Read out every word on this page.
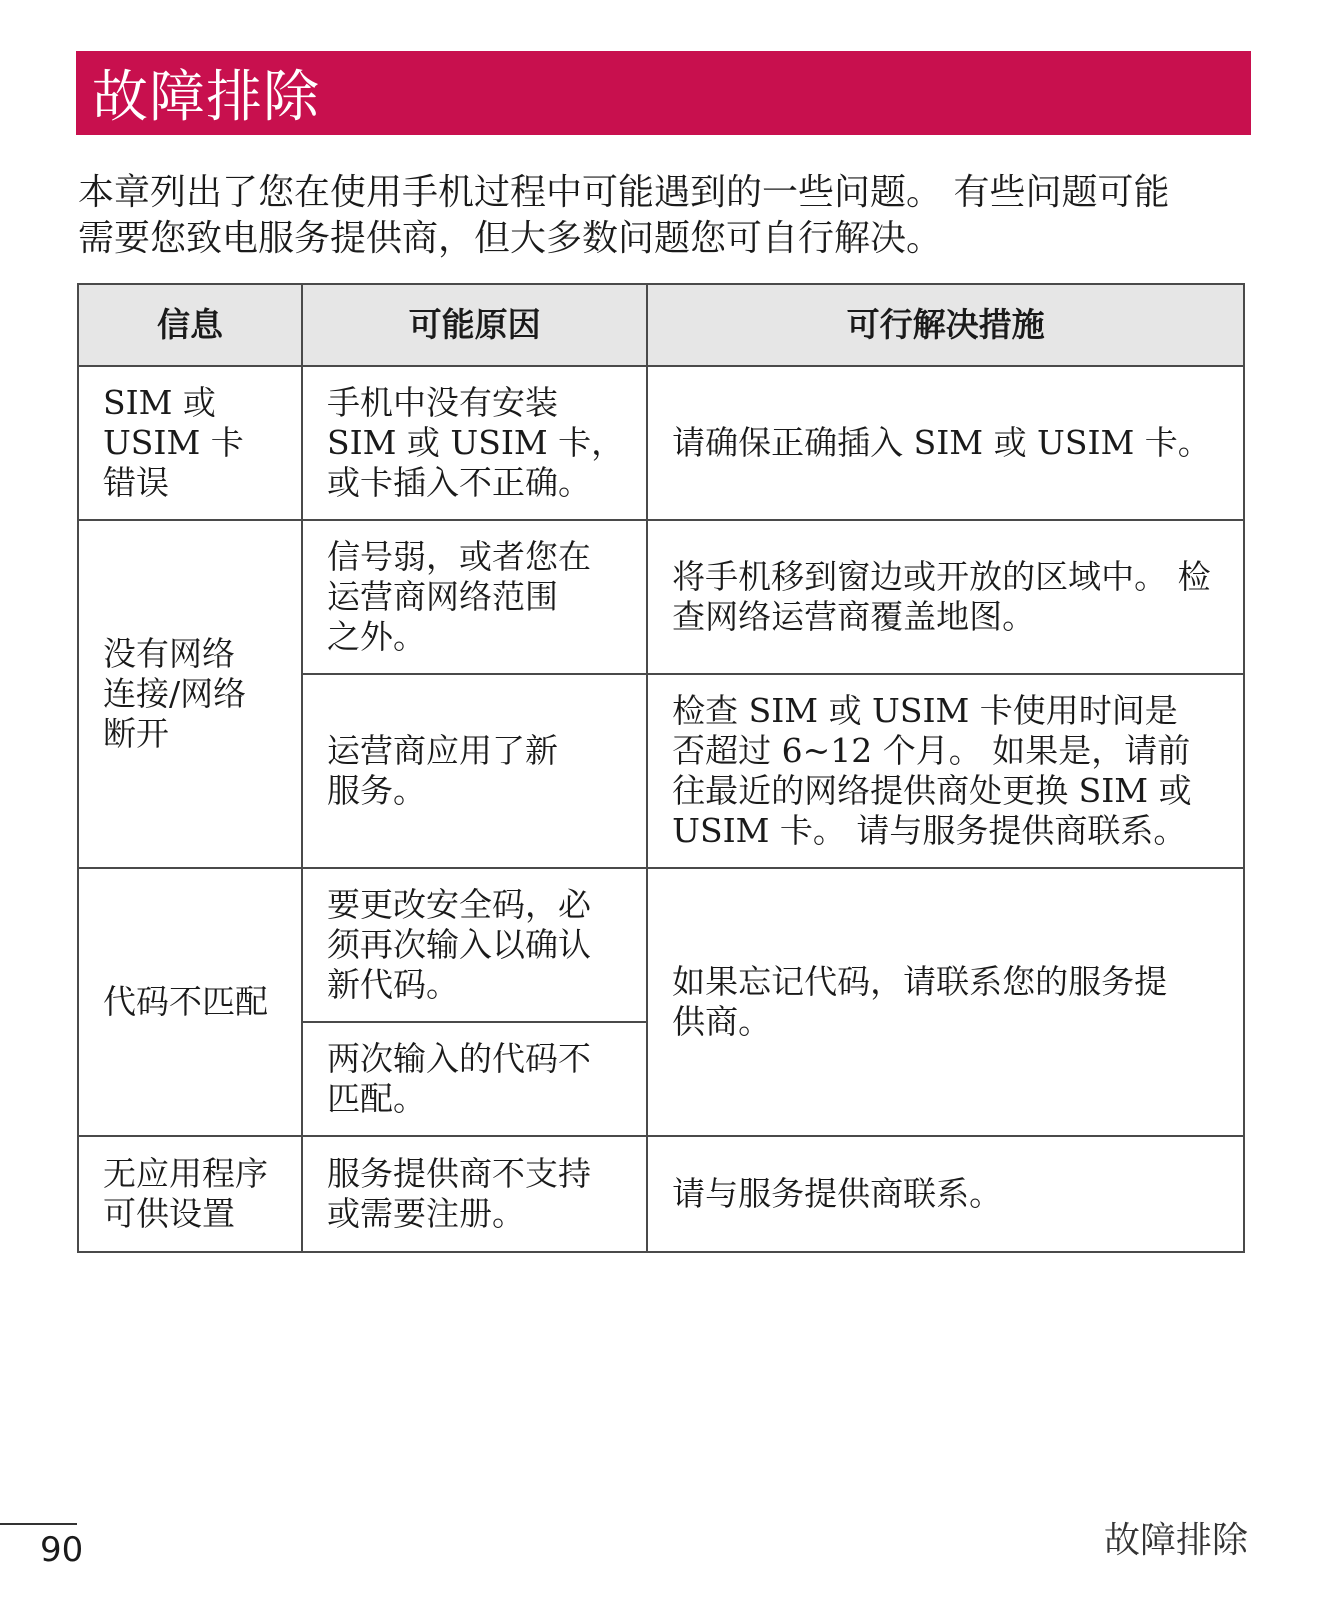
故障排除

本章列出了您在使用手机过程中可能遇到的一些问题。 有些问题可能

需要您致电服务提供商，但大多数问题您可自行解决。

信息	可能原因	可行解决措施

SIM 或
USIM 卡
错误	手机中没有安装
SIM 或 USIM 卡，
或卡插入不正确。	请确保正确插入 SIM 或 USIM 卡。

没有网络
连接/网络
断开	信号弱，或者您在
运营商网络范围
之外。	将手机移到窗边或开放的区域中。 检
查网络运营商覆盖地图。

	运营商应用了新
服务。	检查 SIM 或 USIM 卡使用时间是
否超过 6~12 个月。 如果是，请前
往最近的网络提供商处更换 SIM 或
USIM 卡。 请与服务提供商联系。

代码不匹配	要更改安全码，必
须再次输入以确认
新代码。	如果忘记代码，请联系您的服务提
供商。

	两次输入的代码不
匹配。	

无应用程序
可供设置	服务提供商不支持
或需要注册。	请与服务提供商联系。
90	故障排除
